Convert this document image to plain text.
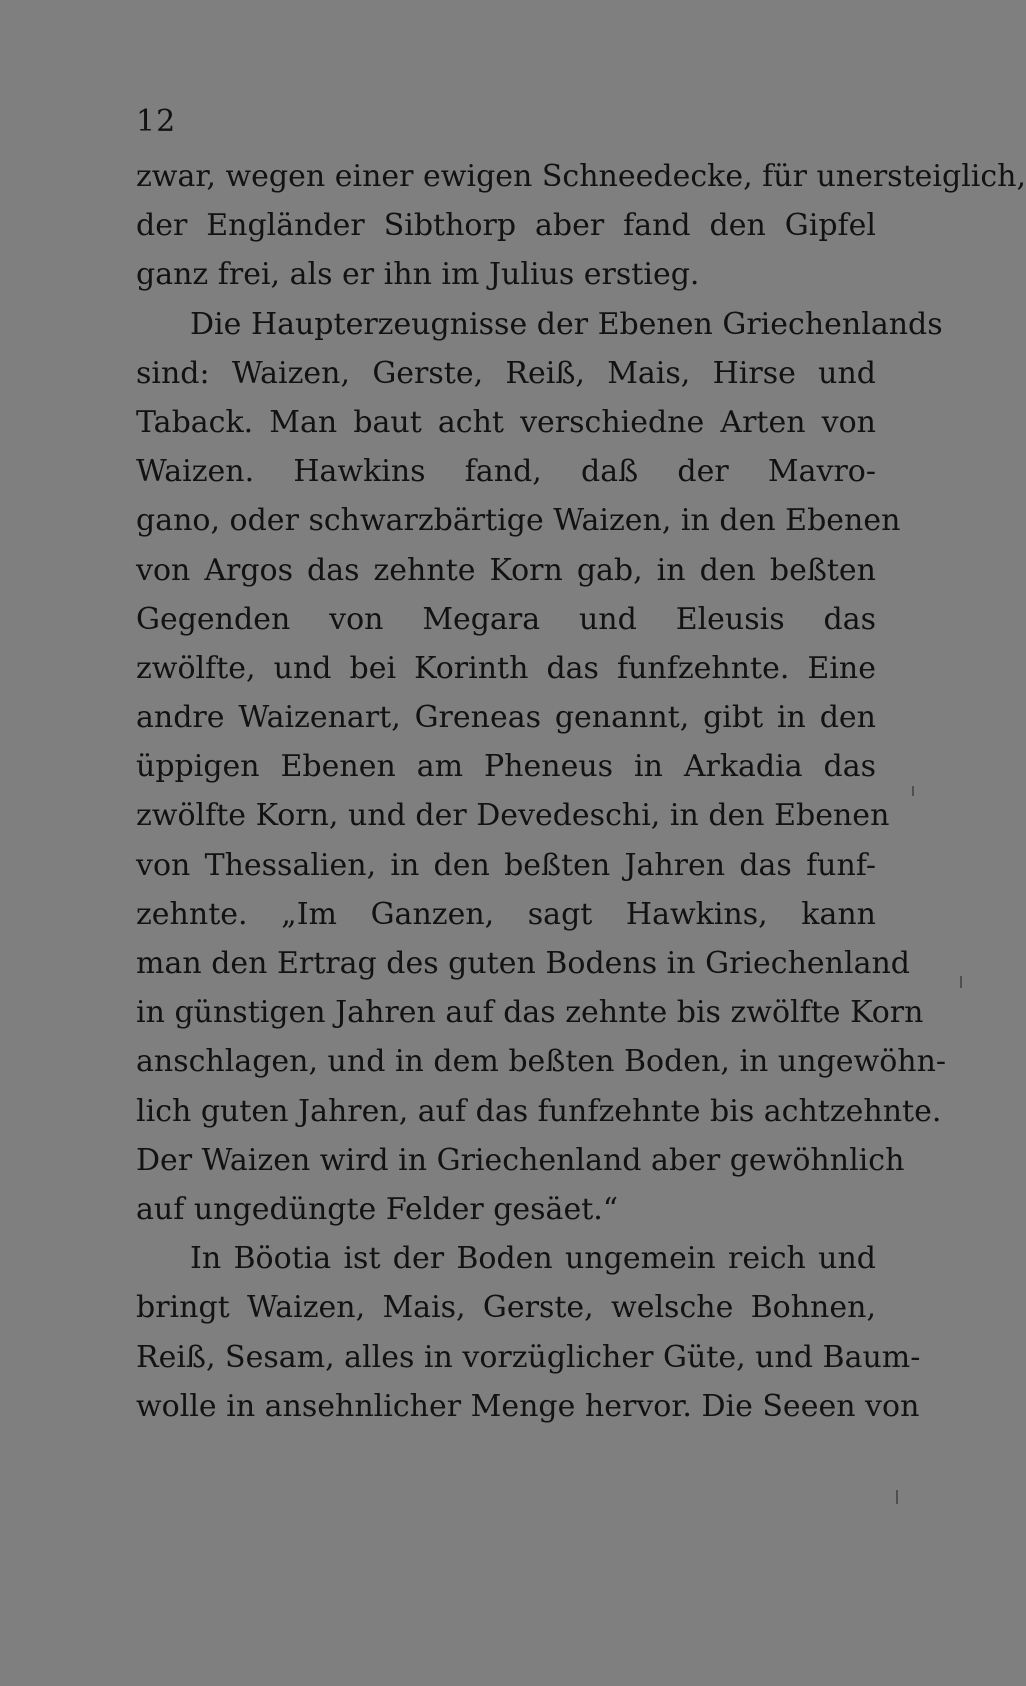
12
zwar, wegen einer ewigen Schneedecke, für unersteiglich,
der Engländer Sibthorp aber fand den Gipfel
ganz frei, als er ihn im Julius erstieg.
Die Haupterzeugnisse der Ebenen Griechenlands
sind: Waizen, Gerste, Reiß, Mais, Hirse und
Taback. Man baut acht verschiedne Arten von
Waizen. Hawkins fand, daß der Mavro-
gano, oder schwarzbärtige Waizen, in den Ebenen
von Argos das zehnte Korn gab, in den beßten
Gegenden von Megara und Eleusis das
zwölfte, und bei Korinth das funfzehnte. Eine
andre Waizenart, Greneas genannt, gibt in den
üppigen Ebenen am Pheneus in Arkadia das
zwölfte Korn, und der Devedeschi, in den Ebenen
von Thessalien, in den beßten Jahren das funf-
zehnte. „Im Ganzen, sagt Hawkins, kann
man den Ertrag des guten Bodens in Griechenland
in günstigen Jahren auf das zehnte bis zwölfte Korn
anschlagen, und in dem beßten Boden, in ungewöhn-
lich guten Jahren, auf das funfzehnte bis achtzehnte.
Der Waizen wird in Griechenland aber gewöhnlich
auf ungedüngte Felder gesäet.“
In Böotia ist der Boden ungemein reich und
bringt Waizen, Mais, Gerste, welsche Bohnen,
Reiß, Sesam, alles in vorzüglicher Güte, und Baum-
wolle in ansehnlicher Menge hervor. Die Seeen von
